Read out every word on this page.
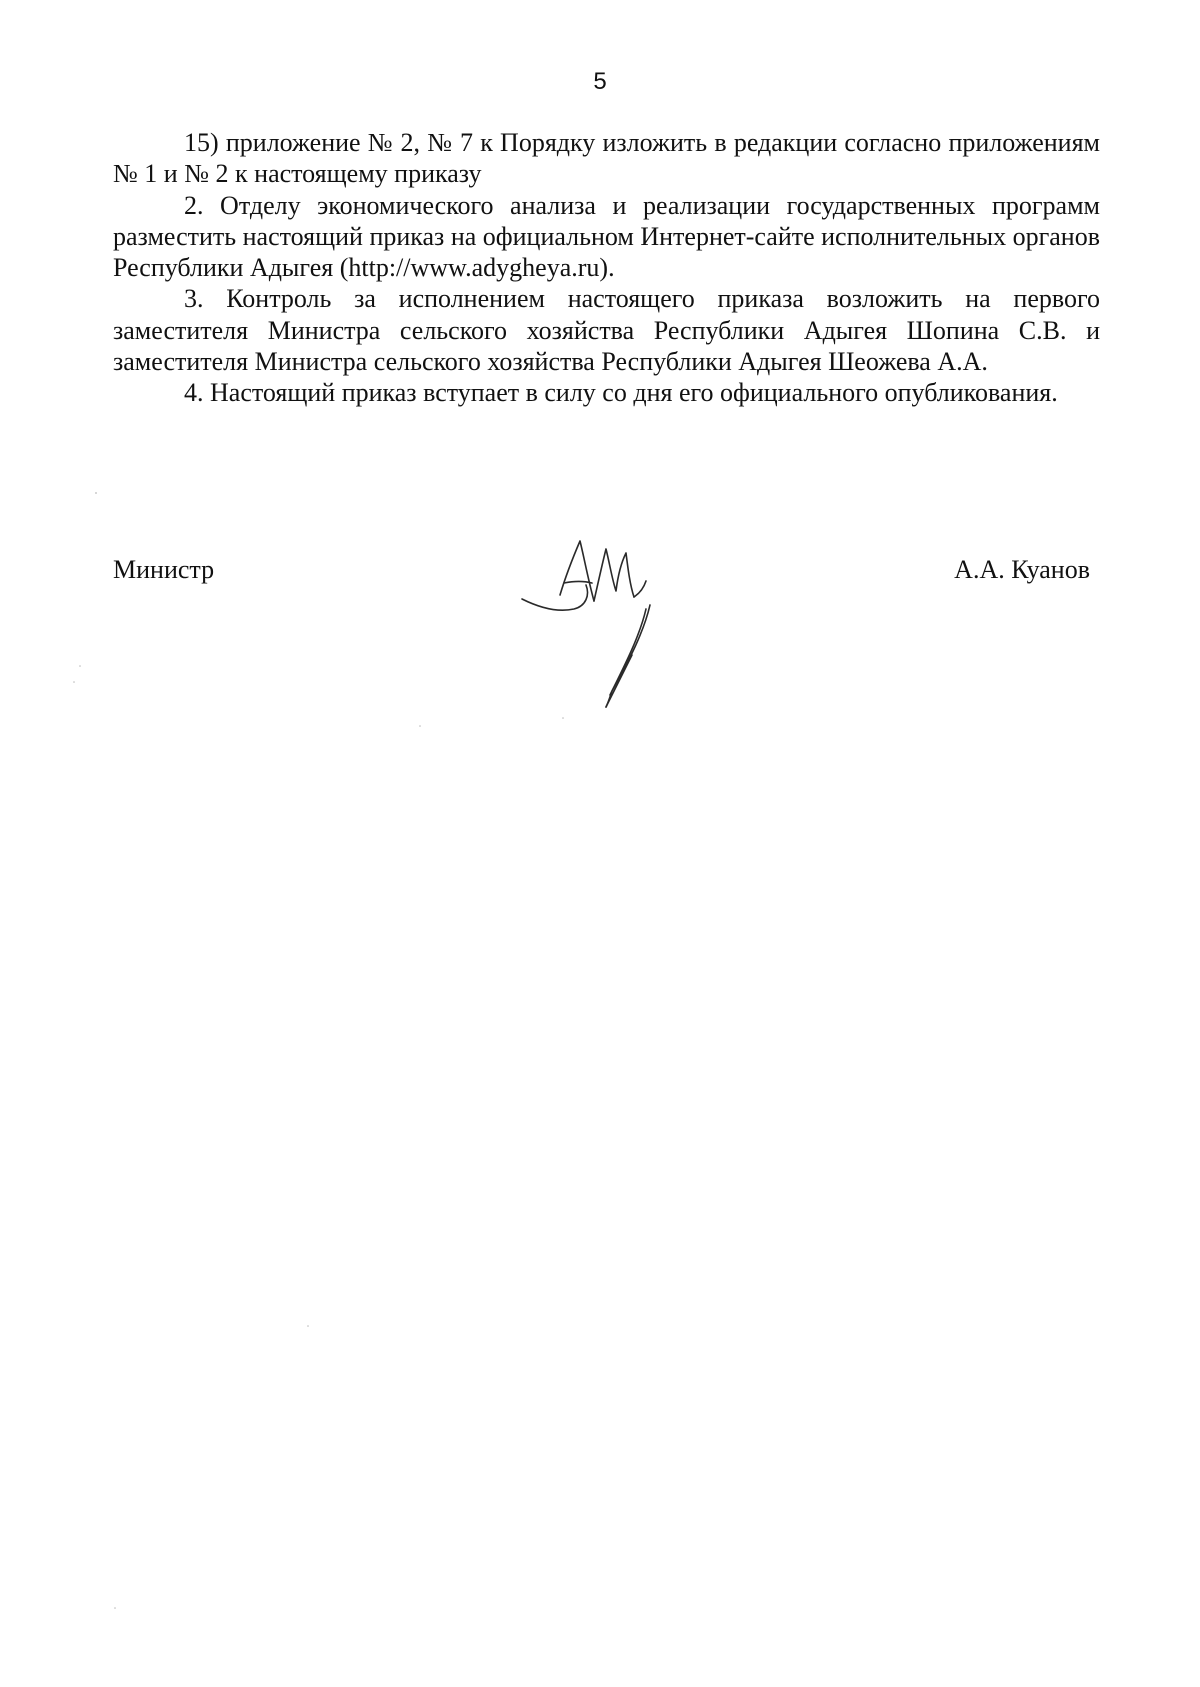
5

15) приложение № 2, № 7 к Порядку изложить в редакции согласно приложениям № 1 и № 2 к настоящему приказу

2. Отделу экономического анализа и реализации государственных программ разместить настоящий приказ на официальном Интернет-сайте исполнительных органов Республики Адыгея (http://www.adygheya.ru).

3. Контроль за исполнением настоящего приказа возложить на первого заместителя Министра сельского хозяйства Республики Адыгея Шопина С.В. и заместителя Министра сельского хозяйства Республики Адыгея Шеожева А.А.

4. Настоящий приказ вступает в силу со дня его официального опубликования.

Министр	А.А. Куанов
